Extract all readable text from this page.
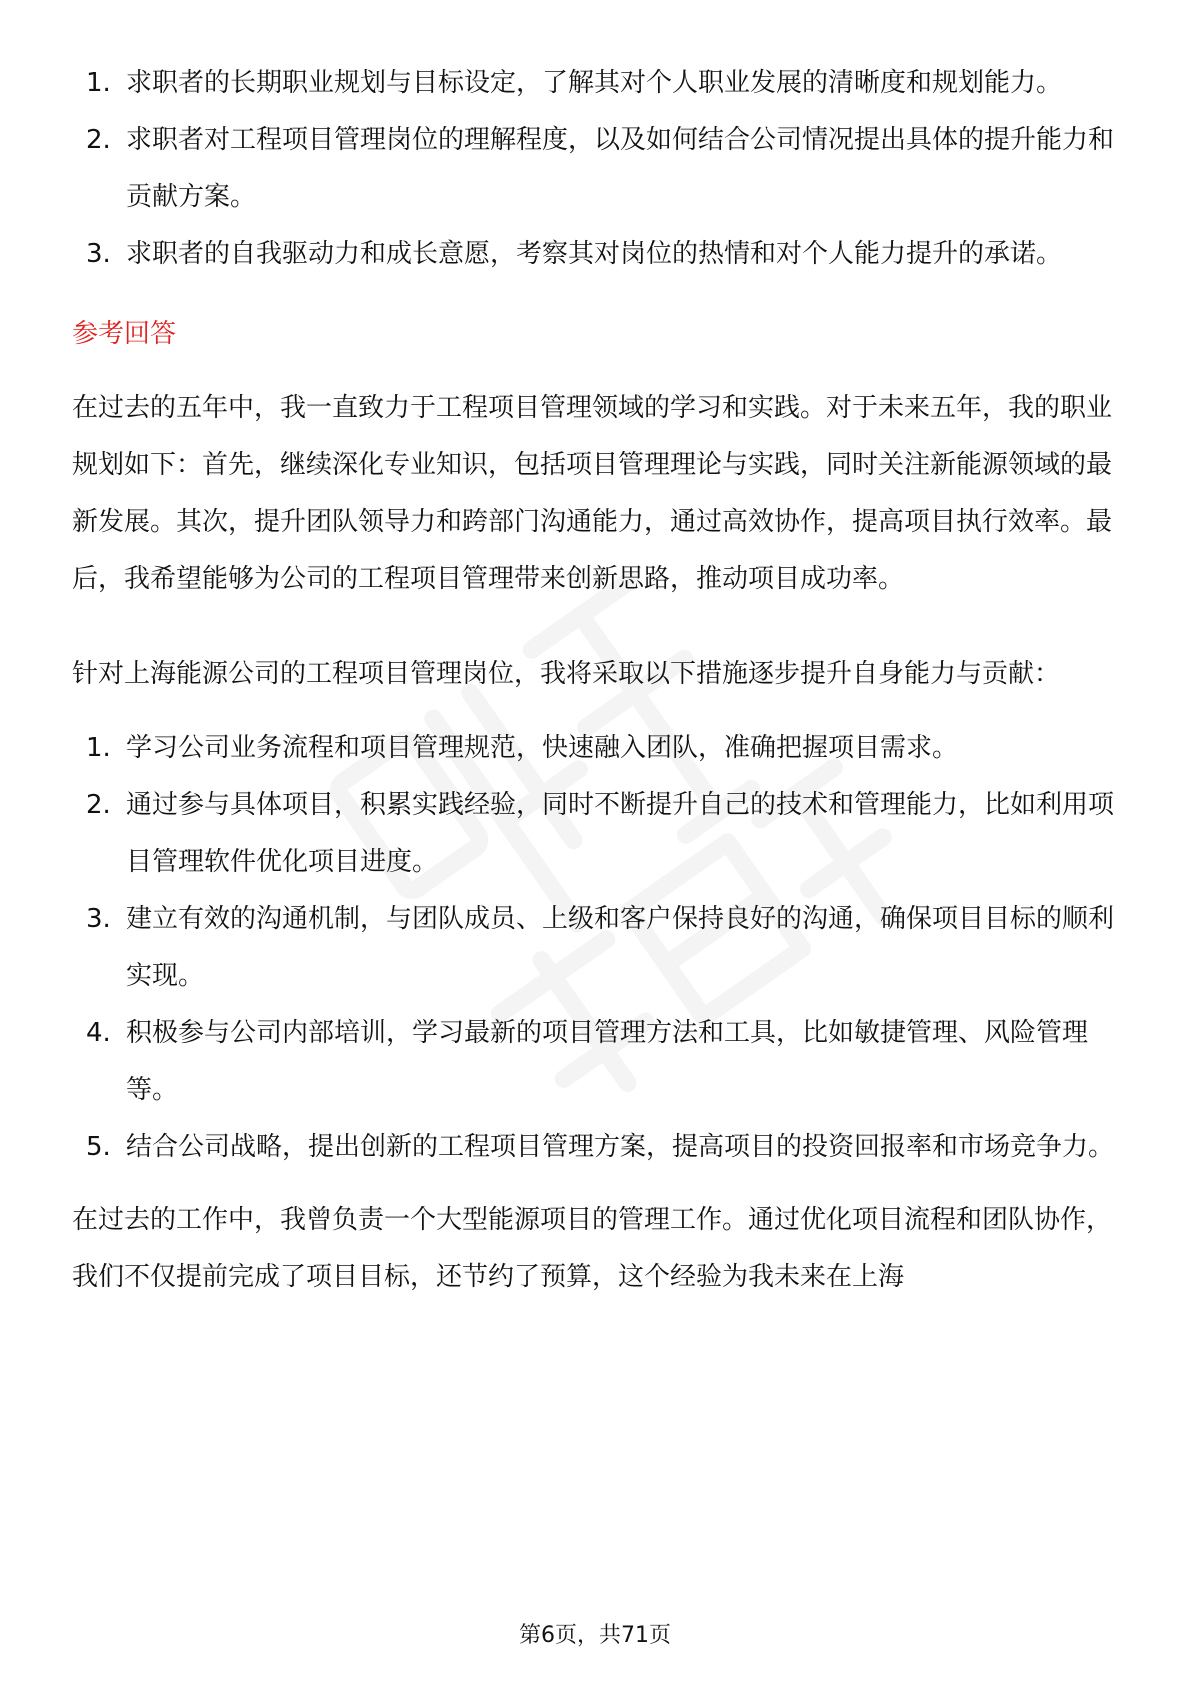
1. 求职者的长期职业规划与目标设定，了解其对个人职业发展的清晰度和规划能力。

2. 求职者对工程项目管理岗位的理解程度，以及如何结合公司情况提出具体的提升能力和贡献方案。

3. 求职者的自我驱动力和成长意愿，考察其对岗位的热情和对个人能力提升的承诺。

参考回答

在过去的五年中，我一直致力于工程项目管理领域的学习和实践。对于未来五年，我的职业规划如下：首先，继续深化专业知识，包括项目管理理论与实践，同时关注新能源领域的最新发展。其次，提升团队领导力和跨部门沟通能力，通过高效协作，提高项目执行效率。最后，我希望能够为公司的工程项目管理带来创新思路，推动项目成功率。

针对上海能源公司的工程项目管理岗位，我将采取以下措施逐步提升自身能力与贡献：

1. 学习公司业务流程和项目管理规范，快速融入团队，准确把握项目需求。

2. 通过参与具体项目，积累实践经验，同时不断提升自己的技术和管理能力，比如利用项目管理软件优化项目进度。

3. 建立有效的沟通机制，与团队成员、上级和客户保持良好的沟通，确保项目目标的顺利实现。

4. 积极参与公司内部培训，学习最新的项目管理方法和工具，比如敏捷管理、风险管理等。

5. 结合公司战略，提出创新的工程项目管理方案，提高项目的投资回报率和市场竞争力。

在过去的工作中，我曾负责一个大型能源项目的管理工作。通过优化项目流程和团队协作，我们不仅提前完成了项目目标，还节约了预算，这个经验为我未来在上海

第6页，共71页
